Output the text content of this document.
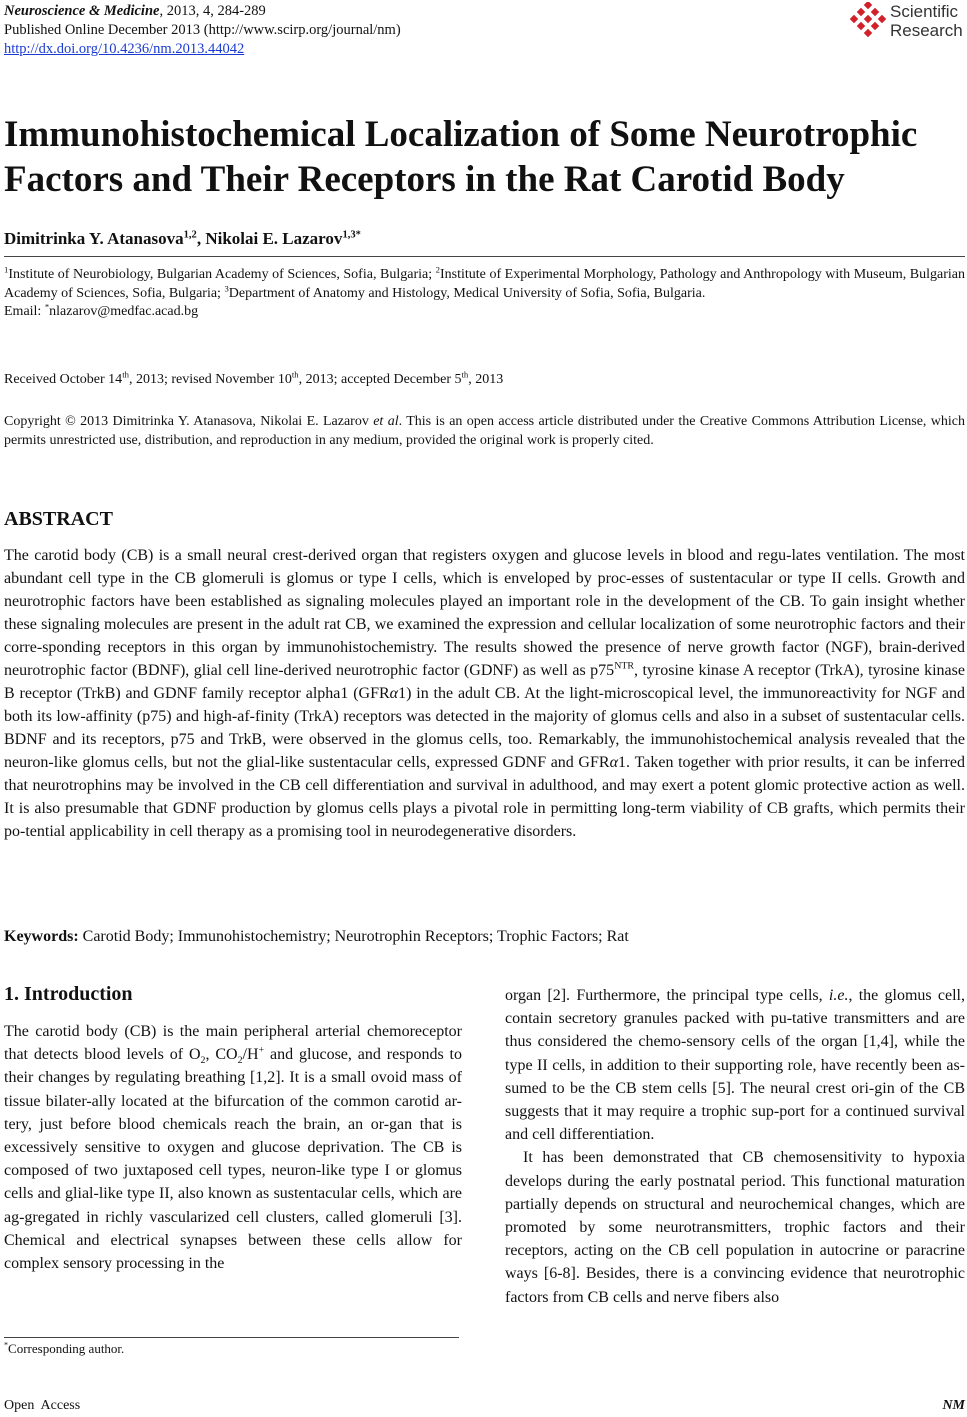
Neuroscience & Medicine, 2013, 4, 284-289
Published Online December 2013 (http://www.scirp.org/journal/nm)
http://dx.doi.org/10.4236/nm.2013.44042
Scientific
Research
Immunohistochemical Localization of Some Neurotrophic Factors and Their Receptors in the Rat Carotid Body
Dimitrinka Y. Atanasova$^{1,2}$, Nikolai E. Lazarov$^{1,3*}$
$^1$Institute of Neurobiology, Bulgarian Academy of Sciences, Sofia, Bulgaria; $^2$Institute of Experimental Morphology, Pathology and Anthropology with Museum, Bulgarian Academy of Sciences, Sofia, Bulgaria; $^3$Department of Anatomy and Histology, Medical University of Sofia, Sofia, Bulgaria.
Email: *nlazarov@medfac.acad.bg
Received October 14th, 2013; revised November 10th, 2013; accepted December 5th, 2013
Copyright © 2013 Dimitrinka Y. Atanasova, Nikolai E. Lazarov et al. This is an open access article distributed under the Creative Commons Attribution License, which permits unrestricted use, distribution, and reproduction in any medium, provided the original work is properly cited.
ABSTRACT
The carotid body (CB) is a small neural crest-derived organ that registers oxygen and glucose levels in blood and regu-lates ventilation. The most abundant cell type in the CB glomeruli is glomus or type I cells, which is enveloped by proc-esses of sustentacular or type II cells. Growth and neurotrophic factors have been established as signaling molecules played an important role in the development of the CB. To gain insight whether these signaling molecules are present in the adult rat CB, we examined the expression and cellular localization of some neurotrophic factors and their corre-sponding receptors in this organ by immunohistochemistry. The results showed the presence of nerve growth factor (NGF), brain-derived neurotrophic factor (BDNF), glial cell line-derived neurotrophic factor (GDNF) as well as $p75^{NTR}$, tyrosine kinase A receptor (TrkA), tyrosine kinase B receptor (TrkB) and GDNF family receptor alpha1 (GFRα1) in the adult CB. At the light-microscopical level, the immunoreactivity for NGF and both its low-affinity (p75) and high-af-finity (TrkA) receptors was detected in the majority of glomus cells and also in a subset of sustentacular cells. BDNF and its receptors, p75 and TrkB, were observed in the glomus cells, too. Remarkably, the immunohistochemical analysis revealed that the neuron-like glomus cells, but not the glial-like sustentacular cells, expressed GDNF and GFRα1. Taken together with prior results, it can be inferred that neurotrophins may be involved in the CB cell differentiation and survival in adulthood, and may exert a potent glomic protective action as well. It is also presumable that GDNF production by glomus cells plays a pivotal role in permitting long-term viability of CB grafts, which permits their po-tential applicability in cell therapy as a promising tool in neurodegenerative disorders.
Keywords: Carotid Body; Immunohistochemistry; Neurotrophin Receptors; Trophic Factors; Rat
1. Introduction
The carotid body (CB) is the main peripheral arterial chemoreceptor that detects blood levels of $O_2$, $CO_2/H^+$ and glucose, and responds to their changes by regulating breathing [1,2]. It is a small ovoid mass of tissue bilater-ally located at the bifurcation of the common carotid ar-tery, just before blood chemicals reach the brain, an or-gan that is excessively sensitive to oxygen and glucose deprivation. The CB is composed of two juxtaposed cell types, neuron-like type I or glomus cells and glial-like type II, also known as sustentacular cells, which are ag-gregated in richly vascularized cell clusters, called glomeruli [3]. Chemical and electrical synapses between these cells allow for complex sensory processing in the

organ [2]. Furthermore, the principal type cells, i.e., the glomus cell, contain secretory granules packed with pu-tative transmitters and are thus considered the chemo-sensory cells of the organ [1,4], while the type II cells, in addition to their supporting role, have recently been as-sumed to be the CB stem cells [5]. The neural crest ori-gin of the CB suggests that it may require a trophic sup-port for a continued survival and cell differentiation.

It has been demonstrated that CB chemosensitivity to hypoxia develops during the early postnatal period. This functional maturation partially depends on structural and neurochemical changes, which are promoted by some neurotransmitters, trophic factors and their receptors, acting on the CB cell population in autocrine or paracrine ways [6-8]. Besides, there is a convincing evidence that neurotrophic factors from CB cells and nerve fibers also

*Corresponding author.
Open  Access	NM
